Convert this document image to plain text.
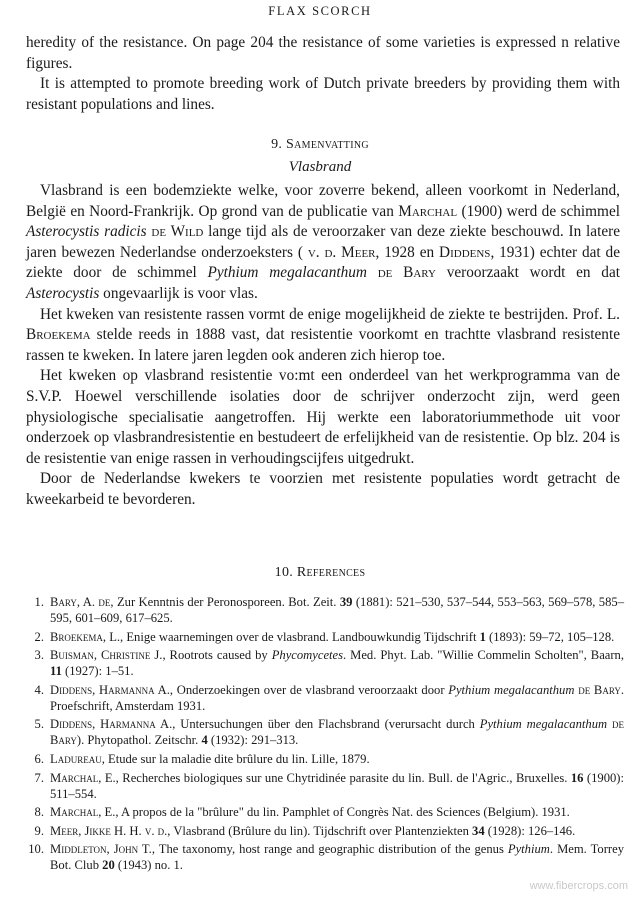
FLAX SCORCH

heredity of the resistance. On page 204 the resistance of some varieties is expressed n relative figures.

It is attempted to promote breeding work of Dutch private breeders by providing them with resistant populations and lines.

9. Samenvatting
Vlasbrand

Vlasbrand is een bodemziekte welke, voor zoverre bekend, alleen voorkomt in Nederland, België en Noord-Frankrijk. Op grond van de publicatie van Marchal (1900) werd de schimmel Asterocystis radicis de Wild lange tijd als de veroorzaker van deze ziekte beschouwd. In latere jaren bewezen Nederlandse onderzoeksters ( v. d. Meer, 1928 en Diddens, 1931) echter dat de ziekte door de schimmel Pythium megalacanthum de Bary veroorzaakt wordt en dat Asterocystis ongevaarlijk is voor vlas.

Het kweken van resistente rassen vormt de enige mogelijkheid de ziekte te bestrijden. Prof. L. Broekema stelde reeds in 1888 vast, dat resistentie voorkomt en trachtte vlasbrand resistente rassen te kweken. In latere jaren legden ook anderen zich hierop toe.

Het kweken op vlasbrand resistentie vo:mt een onderdeel van het werkprogramma van de S.V.P. Hoewel verschillende isolaties door de schrijver onderzocht zijn, werd geen physiologische specialisatie aangetroffen. Hij werkte een laboratoriummethode uit voor onderzoek op vlasbrandresistentie en bestudeert de erfelijkheid van de resistentie. Op blz. 204 is de resistentie van enige rassen in verhoudingscijfeıs uitgedrukt.

Door de Nederlandse kwekers te voorzien met resistente populaties wordt getracht de kweekarbeid te bevorderen.

10. References
1. Bary, A. de, Zur Kenntnis der Peronosporeen. Bot. Zeit. 39 (1881): 521–530, 537–544, 553–563, 569–578, 585–595, 601–609, 617–625.
2. Broekema, L., Enige waarnemingen over de vlasbrand. Landbouwkundig Tijdschrift 1 (1893): 59–72, 105–128.
3. Buisman, Christine J., Rootrots caused by Phycomycetes. Med. Phyt. Lab. "Willie Commelin Scholten", Baarn, 11 (1927): 1–51.
4. Diddens, Harmanna A., Onderzoekingen over de vlasbrand veroorzaakt door Pythium megalacanthum de Bary. Proefschrift, Amsterdam 1931.
5. Diddens, Harmanna A., Untersuchungen über den Flachsbrand (verursacht durch Pythium megalacanthum de Bary). Phytopathol. Zeitschr. 4 (1932): 291–313.
6. Ladureau, Etude sur la maladie dite brûlure du lin. Lille, 1879.
7. Marchal, E., Recherches biologiques sur une Chytridinée parasite du lin. Bull. de l'Agric., Bruxelles. 16 (1900): 511–554.
8. Marchal, E., A propos de la "brûlure" du lin. Pamphlet of Congrès Nat. des Sciences (Belgium). 1931.
9. Meer, Jikke H. H. v. d., Vlasbrand (Brûlure du lin). Tijdschrift over Plantenziekten 34 (1928): 126–146.
10. Middleton, John T., The taxonomy, host range and geographic distribution of the genus Pythium. Mem. Torrey Bot. Club 20 (1943) no. 1.
www.fibercrops.com
